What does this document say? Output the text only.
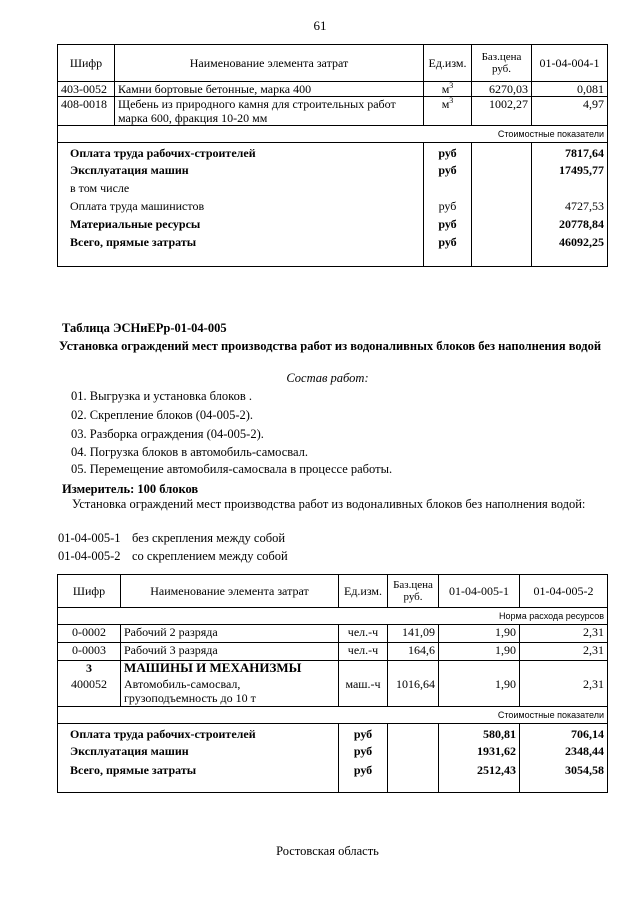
61
Шифр	Наименование элемента затрат	Ед.изм.	Баз.цена руб.	01-04-004-1
403-0052	Камни бортовые бетонные, марка 400	$м^3$	6270,03	0,081
408-0018	Щебень из природного камня для строительных работ марка 600, фракция 10-20 мм	$м^3$	1002,27	4,97
Стоимостные показатели				
Оплата труда рабочих-строителей		руб		7817,64
Эксплуатация машин		руб		17495,77
в том числе				
Оплата труда машинистов		руб		4727,53
Материальные ресурсы		руб		20778,84
Всего, прямые затраты		руб		46092,25
Таблица ЭСНиЕРр-01-04-005
Установка ограждений мест производства работ из водоналивных блоков без наполнения водой
Состав работ:
01. Выгрузка и установка блоков .
02. Скрепление блоков (04-005-2).
03. Разборка ограждения (04-005-2).
04. Погрузка блоков в автомобиль-самосвал.
05. Перемещение автомобиля-самосвала в процессе работы.
Измеритель: 100 блоков
Установка ограждений мест производства работ из водоналивных блоков без наполнения водой:
01-04-005-1 без скрепления между собой
01-04-005-2 со скреплением между собой
Шифр	Наименование элемента затрат	Ед.изм.	Баз.цена руб.	01-04-005-1	01-04-005-2
Норма расхода ресурсов					
0-0002	Рабочий 2 разряда	чел.-ч	141,09	1,90	2,31
0-0003	Рабочий 3 разряда	чел.-ч	164,6	1,90	2,31
3	МАШИНЫ И МЕХАНИЗМЫ				
400052	Автомобиль-самосвал, грузоподъемность до 10 т	маш.-ч	1016,64	1,90	2,31
Стоимостные показатели					
Оплата труда рабочих-строителей		руб		580,81	706,14
Эксплуатация машин		руб		1931,62	2348,44
Всего, прямые затраты		руб		2512,43	3054,58
Ростовская область
